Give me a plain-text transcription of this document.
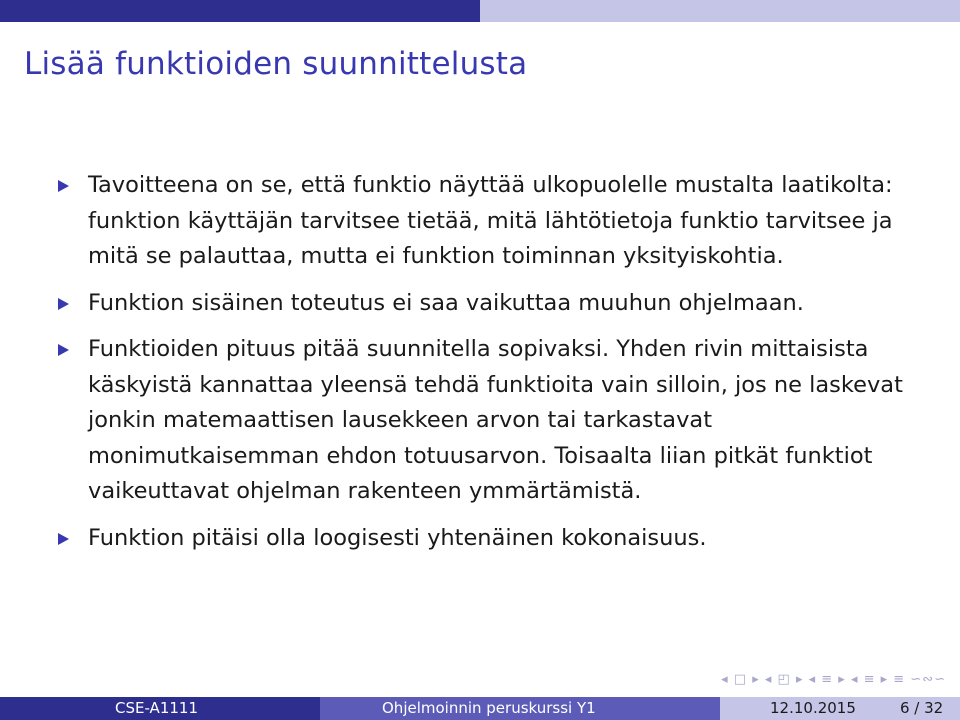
Lisää funktioiden suunnittelusta
Tavoitteena on se, että funktio näyttää ulkopuolelle mustalta laatikolta: funktion käyttäjän tarvitsee tietää, mitä lähtötietoja funktio tarvitsee ja mitä se palauttaa, mutta ei funktion toiminnan yksityiskohtia.
Funktion sisäinen toteutus ei saa vaikuttaa muuhun ohjelmaan.
Funktioiden pituus pitää suunnitella sopivaksi. Yhden rivin mittaisista käskyistä kannattaa yleensä tehdä funktioita vain silloin, jos ne laskevat jonkin matemaattisen lausekkeen arvon tai tarkastavat monimutkaisemman ehdon totuusarvon. Toisaalta liian pitkät funktiot vaikeuttavat ohjelman rakenteen ymmärtämistä.
Funktion pitäisi olla loogisesti yhtenäinen kokonaisuus.
◂ □ ▸ ◂ ◰ ▸ ◂ ≡ ▸ ◂ ≡ ▸ ≡ ∽∾∽
CSE-A1111	Ohjelmoinnin peruskurssi Y1	12.10.2015	6 / 32
